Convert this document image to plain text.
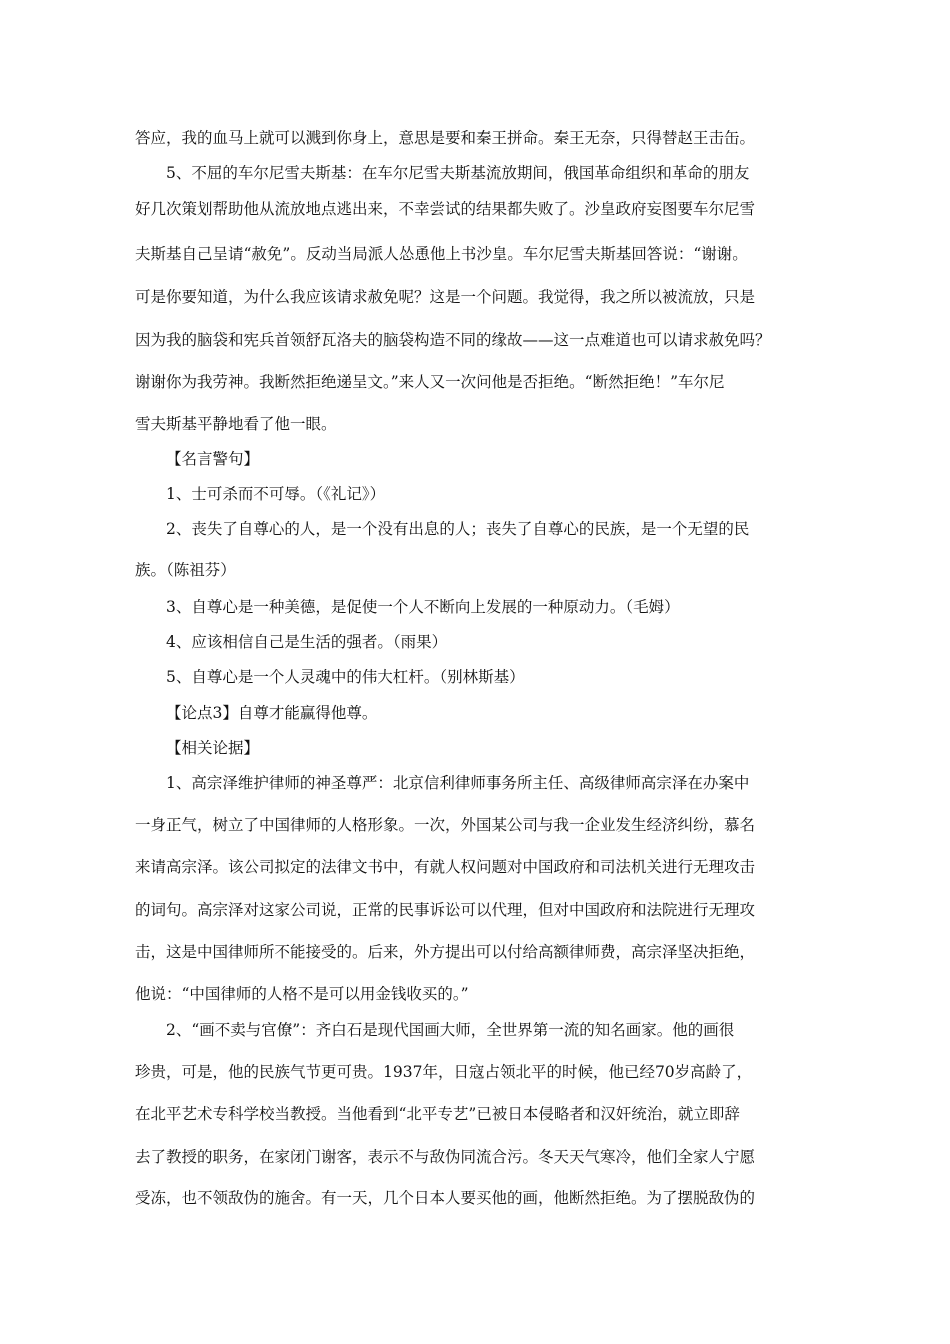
答应，我的血马上就可以溅到你身上，意思是要和秦王拼命。秦王无奈，只得替赵王击缶。
5、不屈的车尔尼雪夫斯基：在车尔尼雪夫斯基流放期间，俄国革命组织和革命的朋友
好几次策划帮助他从流放地点逃出来，不幸尝试的结果都失败了。沙皇政府妄图要车尔尼雪
夫斯基自己呈请“赦免”。反动当局派人怂恿他上书沙皇。车尔尼雪夫斯基回答说：“谢谢。
可是你要知道，为什么我应该请求赦免呢？这是一个问题。我觉得，我之所以被流放，只是
因为我的脑袋和宪兵首领舒瓦洛夫的脑袋构造不同的缘故——这一点难道也可以请求赦免吗？
谢谢你为我劳神。我断然拒绝递呈文。”来人又一次问他是否拒绝。“断然拒绝！”车尔尼
雪夫斯基平静地看了他一眼。
【名言警句】
1、士可杀而不可辱。（《礼记》）
2、丧失了自尊心的人，是一个没有出息的人；丧失了自尊心的民族，是一个无望的民
族。（陈祖芬）
3、自尊心是一种美德，是促使一个人不断向上发展的一种原动力。（毛姆）
4、应该相信自己是生活的强者。（雨果）
5、自尊心是一个人灵魂中的伟大杠杆。（别林斯基）
【论点3】自尊才能赢得他尊。
【相关论据】
1、高宗泽维护律师的神圣尊严：北京信利律师事务所主任、高级律师高宗泽在办案中
一身正气，树立了中国律师的人格形象。一次，外国某公司与我一企业发生经济纠纷，慕名
来请高宗泽。该公司拟定的法律文书中，有就人权问题对中国政府和司法机关进行无理攻击
的词句。高宗泽对这家公司说，正常的民事诉讼可以代理，但对中国政府和法院进行无理攻
击，这是中国律师所不能接受的。后来，外方提出可以付给高额律师费，高宗泽坚决拒绝，
他说：“中国律师的人格不是可以用金钱收买的。”
2、“画不卖与官僚”：齐白石是现代国画大师，全世界第一流的知名画家。他的画很
珍贵，可是，他的民族气节更可贵。1937年，日寇占领北平的时候，他已经70岁高龄了，
在北平艺术专科学校当教授。当他看到“北平专艺”已被日本侵略者和汉奸统治，就立即辞
去了教授的职务，在家闭门谢客，表示不与敌伪同流合污。冬天天气寒冷，他们全家人宁愿
受冻，也不领敌伪的施舍。有一天，几个日本人要买他的画，他断然拒绝。为了摆脱敌伪的
